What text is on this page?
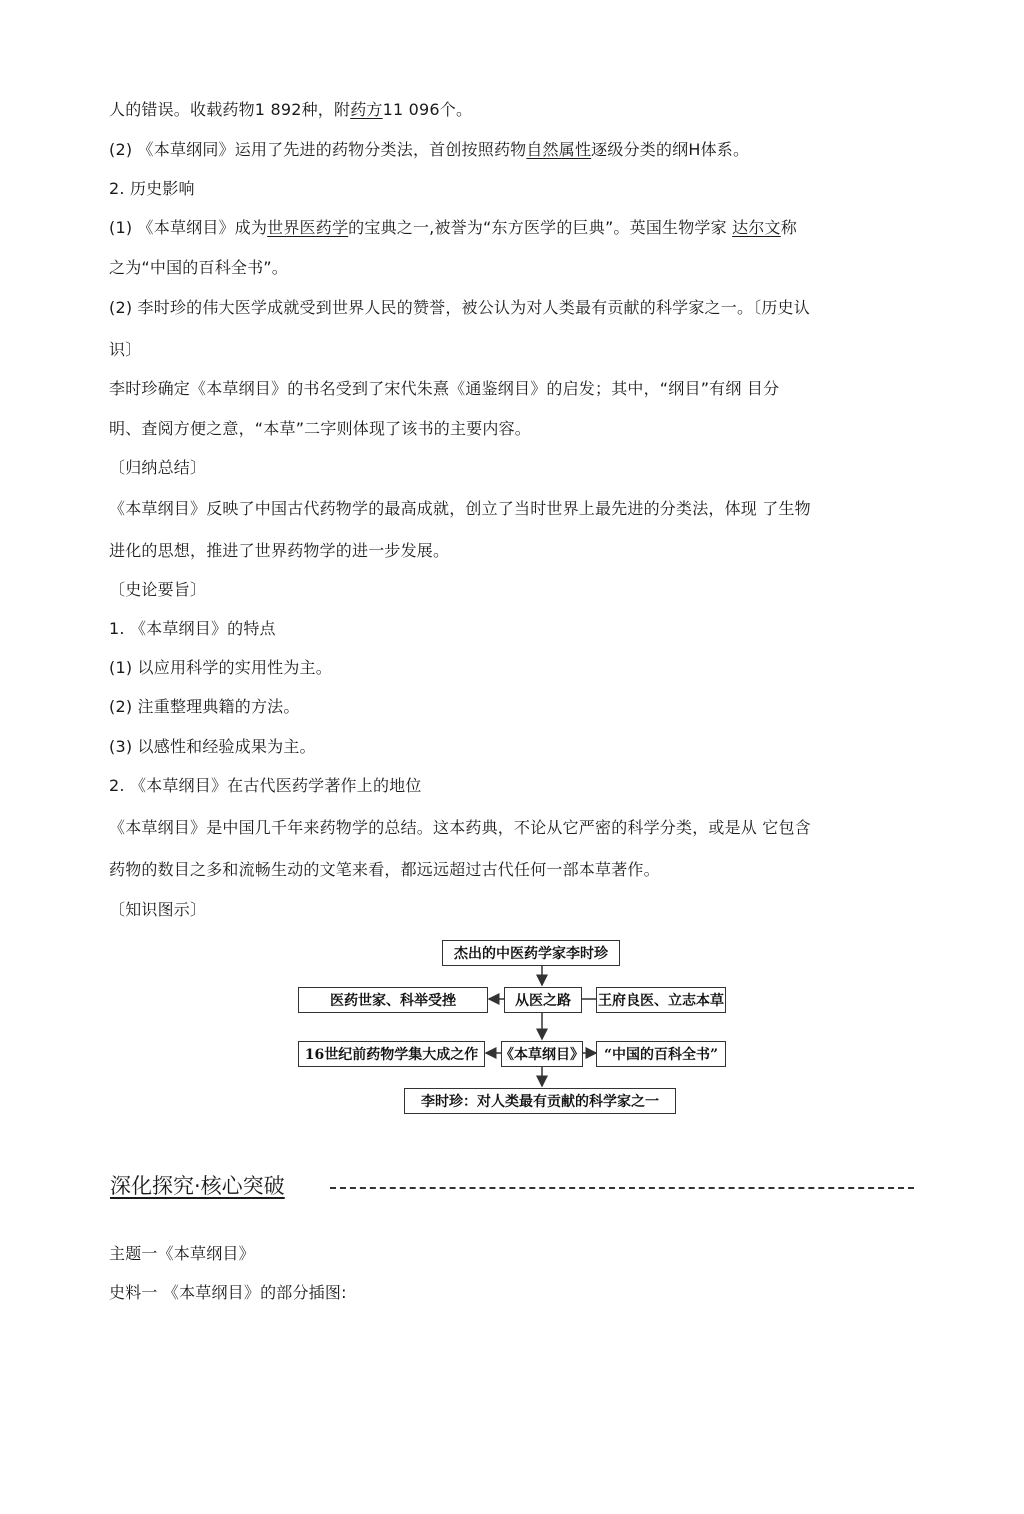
人的错误。收载药物1 892种，附药方11 096个。
(2) 《本草纲同》运用了先进的药物分类法，首创按照药物自然属性逐级分类的纲H体系。
2. 历史影响
(1) 《本草纲目》成为世界医药学的宝典之一,被誉为“东方医学的巨典”。英国生物学家 达尔文称
之为“中国的百科全书”。
(2) 李时珍的伟大医学成就受到世界人民的赞誉，被公认为对人类最有贡献的科学家之一。〔历史认
识〕
李时珍确定《本草纲目》的书名受到了宋代朱熹《通鉴纲目》的启发；其中，“纲目”有纲 目分
明、査阅方便之意，“本草”二字则体现了该书的主要内容。
〔归纳总结〕
《本草纲目》反映了中国古代药物学的最高成就，创立了当时世界上最先进的分类法，体现 了生物
进化的思想，推进了世界药物学的进一步发展。
〔史论要旨〕
1. 《本草纲目》的特点
(1) 以应用科学的实用性为主。
(2) 注重整理典籍的方法。
(3) 以感性和经验成果为主。
2. 《本草纲目》在古代医药学著作上的地位
《本草纲目》是中国几千年来药物学的总结。这本药典，不论从它严密的科学分类，或是从 它包含
药物的数目之多和流畅生动的文笔来看，都远远超过古代任何一部本草著作。
〔知识图示〕
杰出的中医药学家李时珍
医药世家、科举受挫	从医之路	王府良医、立志本草
16世纪前药物学集大成之作	《本草纲目》	“中国的百科全书”
李时珍：对人类最有贡献的科学家之一
深化探究·核心突破
主题一《本草纲目》
史料一 《本草纲目》的部分插图:
